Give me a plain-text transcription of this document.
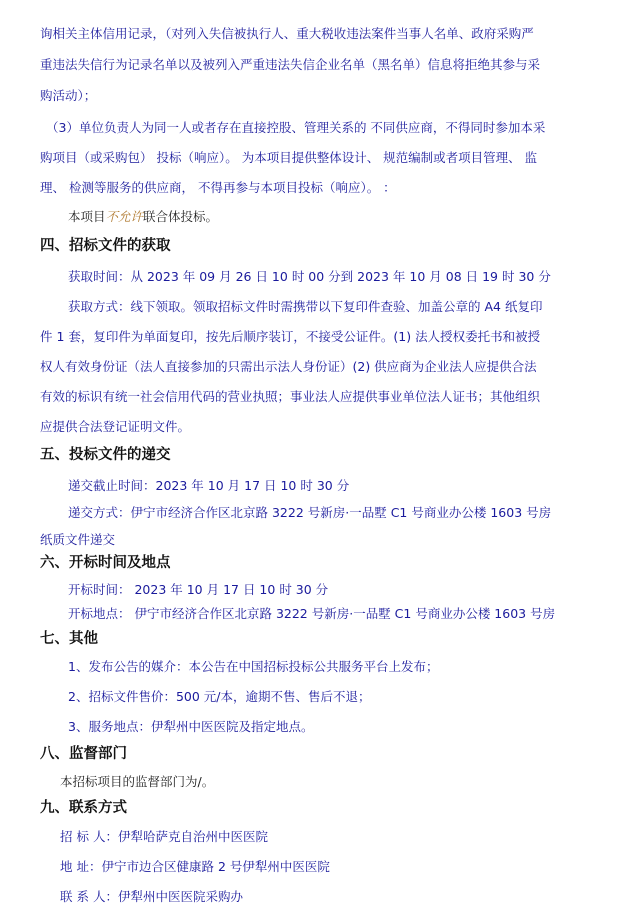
询相关主体信用记录，（对列入失信被执行人、重大税收违法案件当事人名单、政府采购严
重违法失信行为记录名单以及被列入严重违法失信企业名单（黑名单）信息将拒绝其参与采
购活动）；
（3）单位负责人为同一人或者存在直接控股、管理关系的 不同供应商，不得同时参加本采
购项目（或采购包） 投标（响应）。 为本项目提供整体设计、 规范编制或者项目管理、 监
理、 检测等服务的供应商， 不得再参与本项目投标（响应）。 ：
本项目不允许联合体投标。
四、招标文件的获取
获取时间：从 2023 年 09 月 26 日 10 时 00 分到 2023 年 10 月 08 日 19 时 30 分
获取方式：线下领取。领取招标文件时需携带以下复印件查验、加盖公章的 A4 纸复印
件 1 套，复印件为单面复印，按先后顺序装订，不接受公证件。(1) 法人授权委托书和被授
权人有效身份证（法人直接参加的只需出示法人身份证）(2) 供应商为企业法人应提供合法
有效的标识有统一社会信用代码的营业执照；事业法人应提供事业单位法人证书；其他组织
应提供合法登记证明文件。
五、投标文件的递交
递交截止时间：2023 年 10 月 17 日 10 时 30 分
递交方式：伊宁市经济合作区北京路 3222 号新房·一品墅 C1 号商业办公楼 1603 号房
纸质文件递交
六、开标时间及地点
开标时间： 2023 年 10 月 17 日 10 时 30 分
开标地点： 伊宁市经济合作区北京路 3222 号新房·一品墅 C1 号商业办公楼 1603 号房
七、其他
1、发布公告的媒介：本公告在中国招标投标公共服务平台上发布；
2、招标文件售价：500 元/本，逾期不售、售后不退；
3、服务地点：伊犁州中医医院及指定地点。
八、监督部门
本招标项目的监督部门为/。
九、联系方式
招 标 人：伊犁哈萨克自治州中医医院
地 址：伊宁市边合区健康路 2 号伊犁州中医医院
联 系 人：伊犁州中医医院采购办
